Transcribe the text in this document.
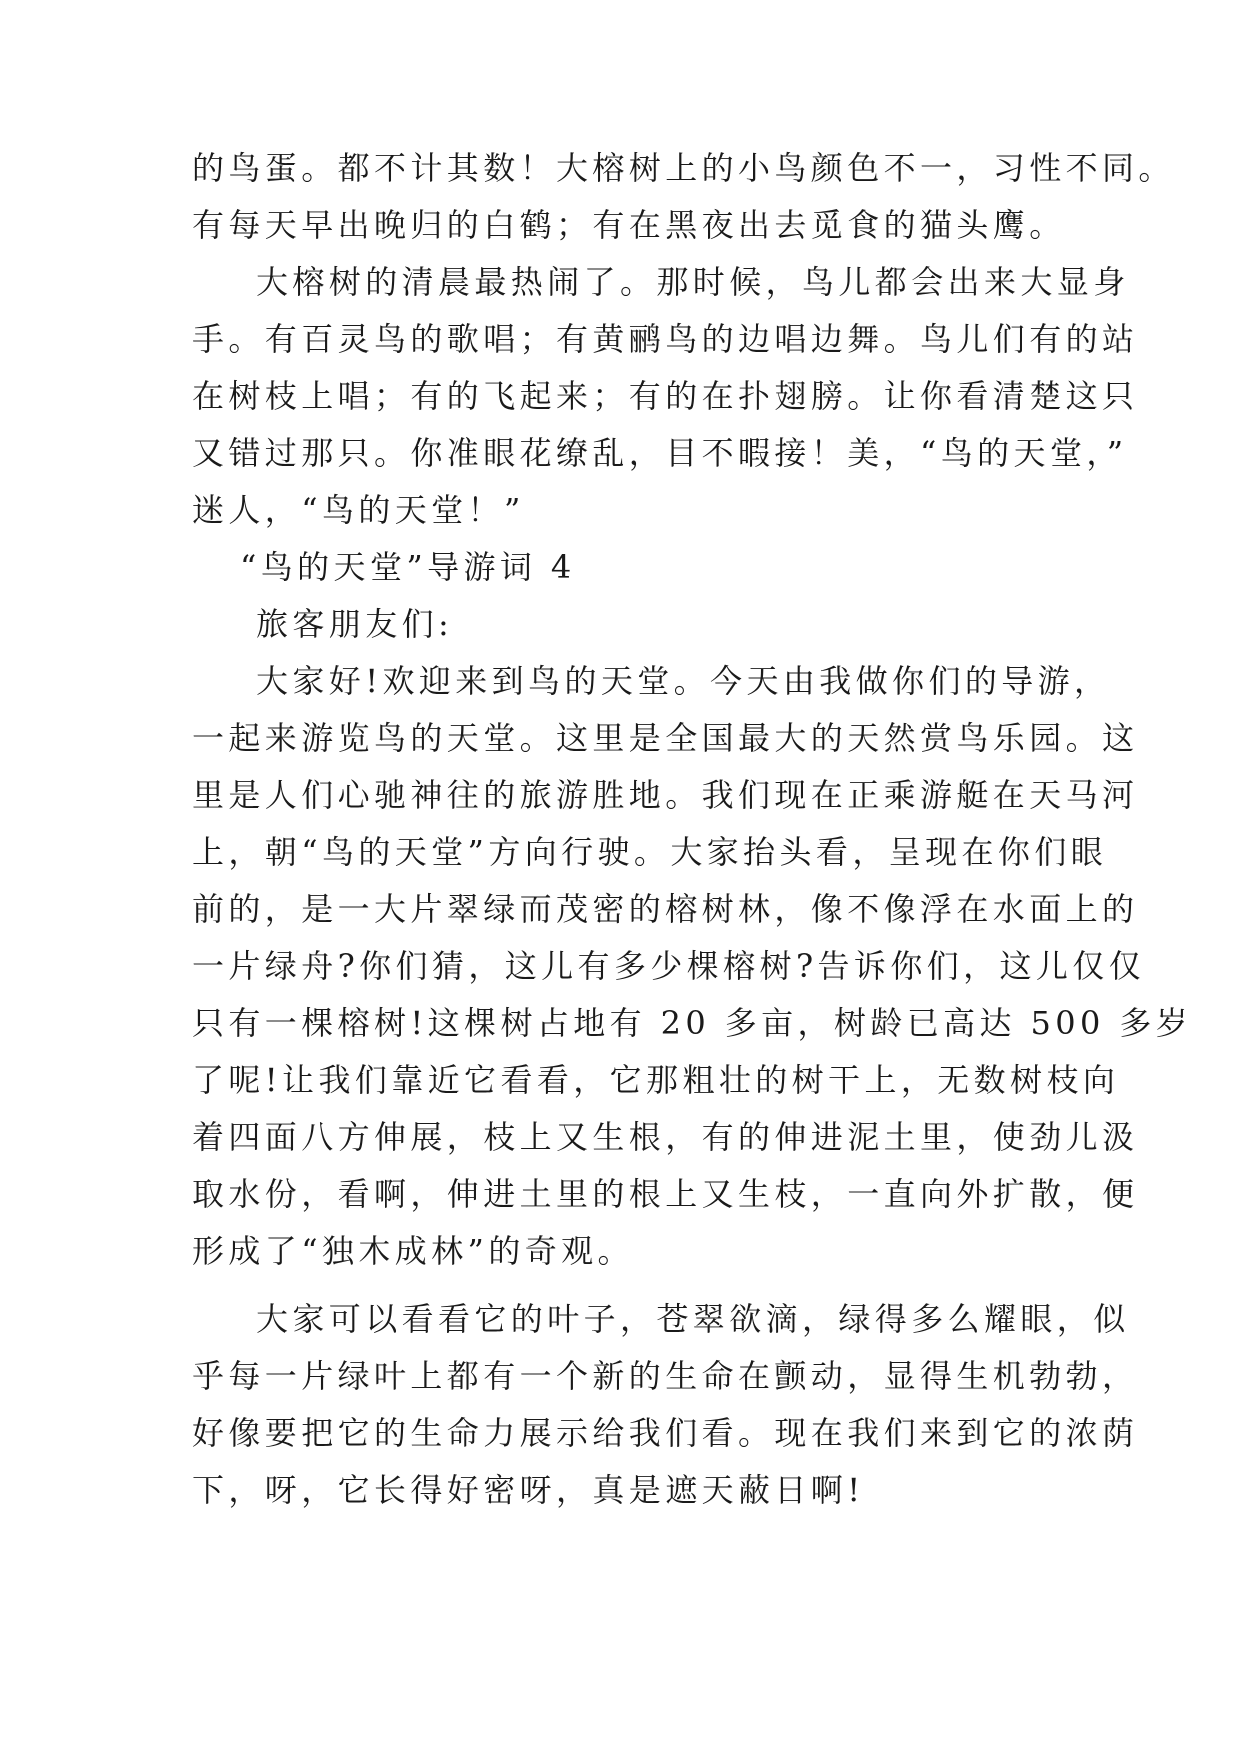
的鸟蛋。都不计其数！大榕树上的小鸟颜色不一，习性不同。
有每天早出晚归的白鹤；有在黑夜出去觅食的猫头鹰。
大榕树的清晨最热闹了。那时候，鸟儿都会出来大显身
手。有百灵鸟的歌唱；有黄鹂鸟的边唱边舞。鸟儿们有的站
在树枝上唱；有的飞起来；有的在扑翅膀。让你看清楚这只
又错过那只。你准眼花缭乱，目不暇接！美，“鸟的天堂，”
迷人，“鸟的天堂！”
“鸟的天堂”导游词 4
旅客朋友们:
大家好!欢迎来到鸟的天堂。今天由我做你们的导游，
一起来游览鸟的天堂。这里是全国最大的天然赏鸟乐园。这
里是人们心驰神往的旅游胜地。我们现在正乘游艇在天马河
上，朝“鸟的天堂”方向行驶。大家抬头看，呈现在你们眼
前的，是一大片翠绿而茂密的榕树林，像不像浮在水面上的
一片绿舟?你们猜，这儿有多少棵榕树?告诉你们，这儿仅仅
只有一棵榕树!这棵树占地有 20 多亩，树龄已高达 500 多岁
了呢!让我们靠近它看看，它那粗壮的树干上，无数树枝向
着四面八方伸展，枝上又生根，有的伸进泥土里，使劲儿汲
取水份，看啊，伸进土里的根上又生枝，一直向外扩散，便
形成了“独木成林”的奇观。
大家可以看看它的叶子，苍翠欲滴，绿得多么耀眼，似
乎每一片绿叶上都有一个新的生命在颤动，显得生机勃勃，
好像要把它的生命力展示给我们看。现在我们来到它的浓荫
下，呀，它长得好密呀，真是遮天蔽日啊!
